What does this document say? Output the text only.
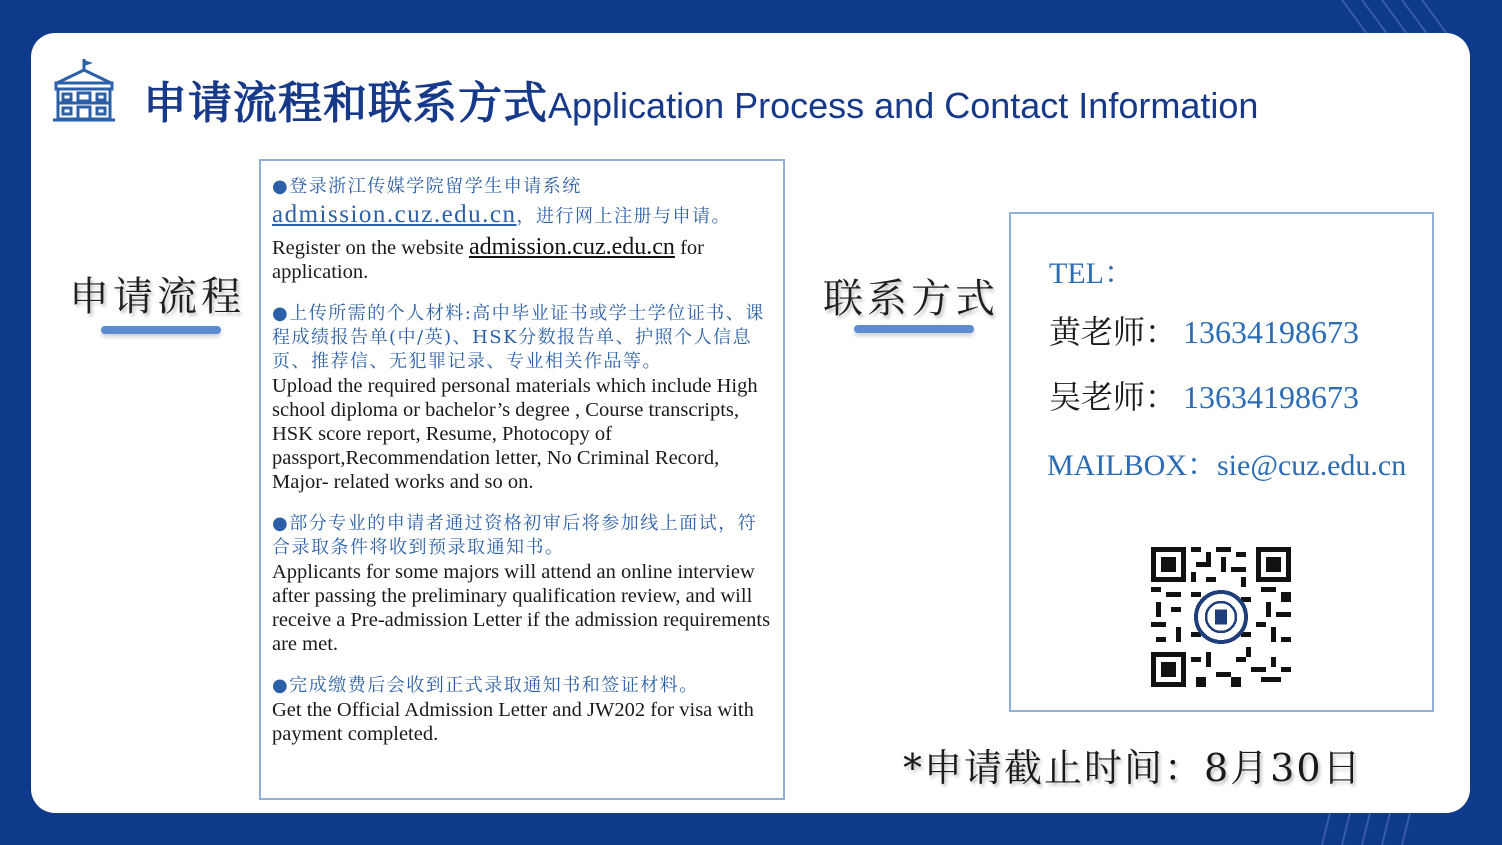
申请流程和联系方式Application Process and Contact Information
申请流程
●登录浙江传媒学院留学生申请系统
admission.cuz.edu.cn，进行网上注册与申请。
Register on the website admission.cuz.edu.cn for application.
●上传所需的个人材料:高中毕业证书或学士学位证书、课程成绩报告单(中/英)、HSK分数报告单、护照个人信息页、推荐信、无犯罪记录、专业相关作品等。
Upload the required personal materials which include High school diploma or bachelor’s degree , Course transcripts, HSK score report, Resume, Photocopy of passport,Recommendation letter, No Criminal Record, Major- related works and so on.
●部分专业的申请者通过资格初审后将参加线上面试，符合录取条件将收到预录取通知书。
Applicants for some majors will attend an online interview after passing the preliminary qualification review, and will receive a Pre-admission Letter if the admission requirements are met.
●完成缴费后会收到正式录取通知书和签证材料。
Get the Official Admission Letter and JW202 for visa with payment completed.
联系方式
TEL：
黄老师： 13634198673
吴老师： 13634198673
MAILBOX：sie@cuz.edu.cn
*申请截止时间：8月30日
